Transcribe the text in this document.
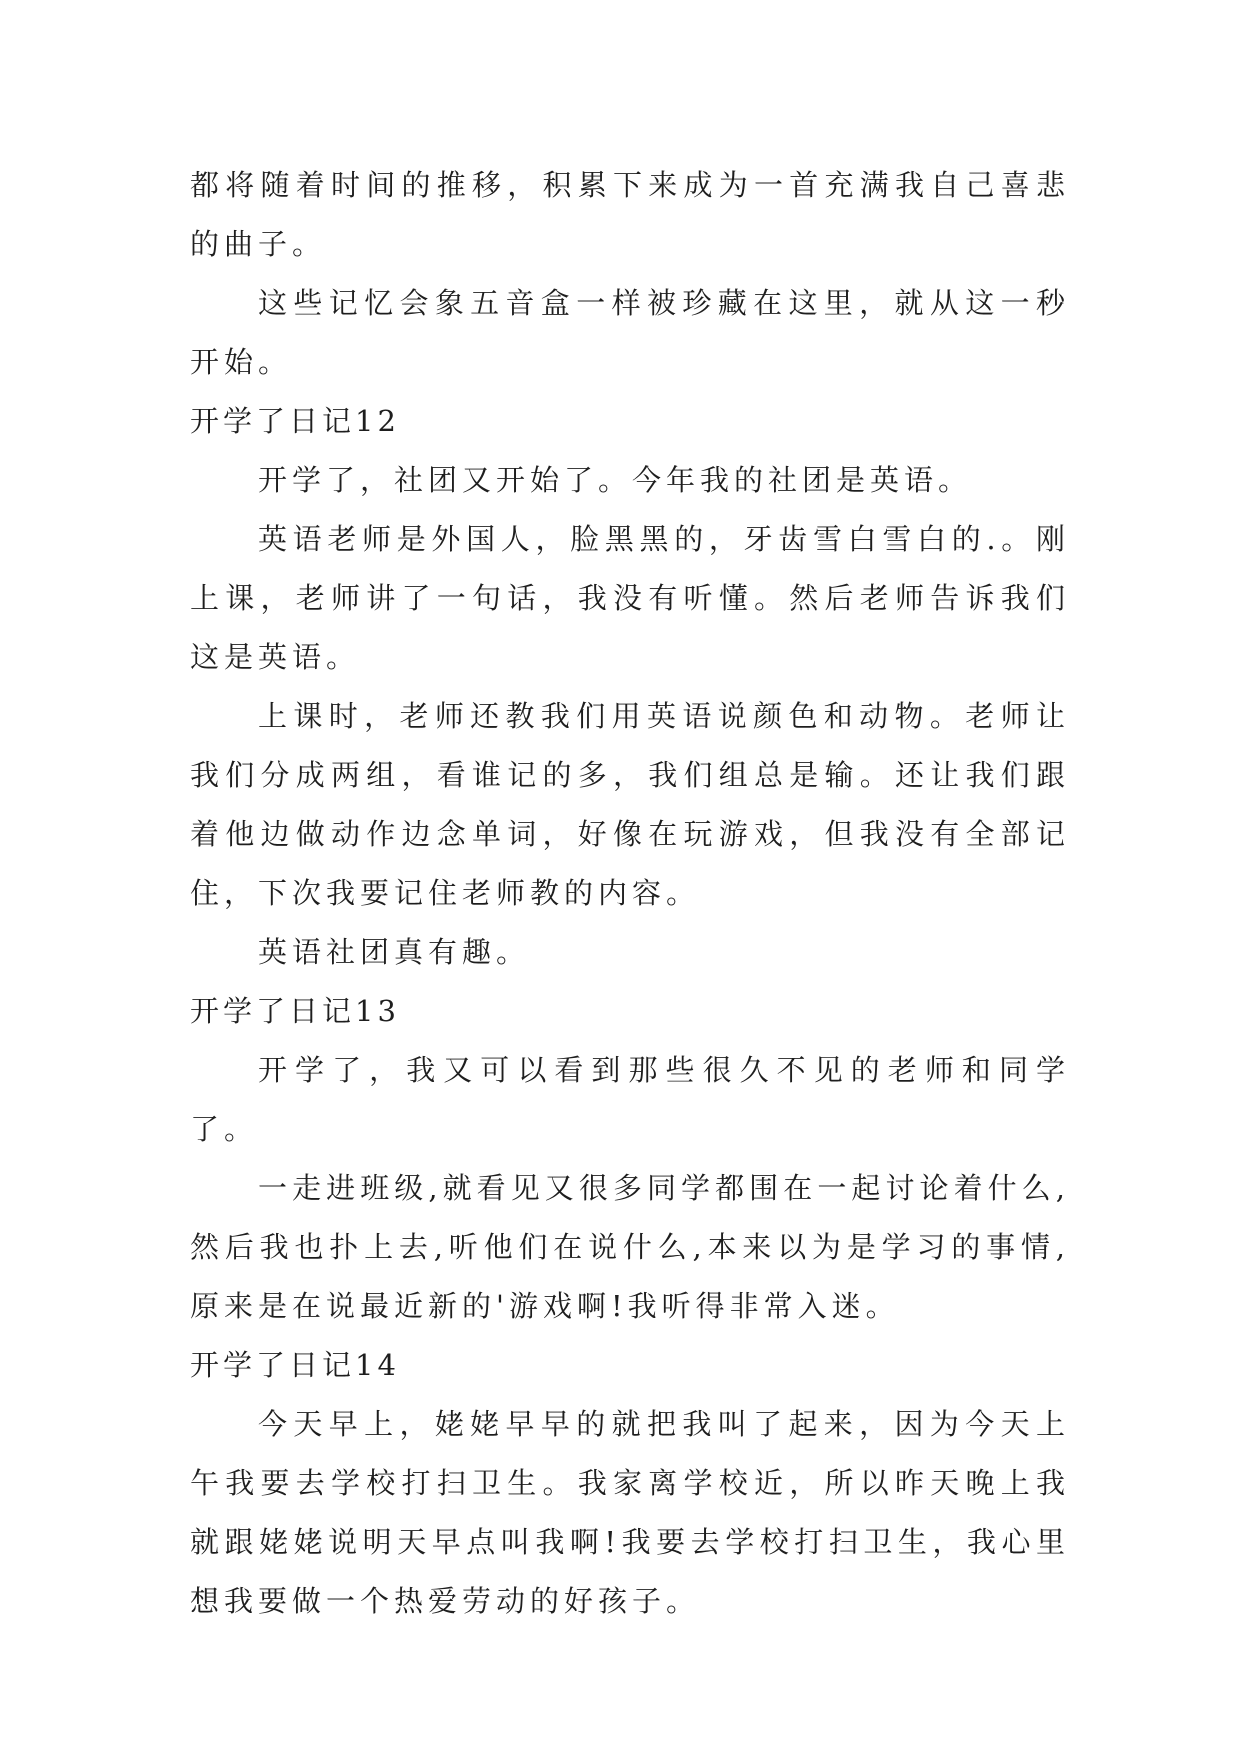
都将随着时间的推移，积累下来成为一首充满我自己喜悲的曲子。

这些记忆会象五音盒一样被珍藏在这里，就从这一秒开始。

开学了日记12

开学了，社团又开始了。今年我的社团是英语。

英语老师是外国人，脸黑黑的，牙齿雪白雪白的.。刚上课，老师讲了一句话，我没有听懂。然后老师告诉我们这是英语。

上课时，老师还教我们用英语说颜色和动物。老师让我们分成两组，看谁记的多，我们组总是输。还让我们跟着他边做动作边念单词，好像在玩游戏，但我没有全部记住，下次我要记住老师教的内容。

英语社团真有趣。

开学了日记13

开学了，我又可以看到那些很久不见的老师和同学了。

一走进班级,就看见又很多同学都围在一起讨论着什么,然后我也扑上去,听他们在说什么,本来以为是学习的事情,原来是在说最近新的'游戏啊!我听得非常入迷。

开学了日记14

今天早上，姥姥早早的就把我叫了起来，因为今天上午我要去学校打扫卫生。我家离学校近，所以昨天晚上我就跟姥姥说明天早点叫我啊!我要去学校打扫卫生，我心里想我要做一个热爱劳动的好孩子。
